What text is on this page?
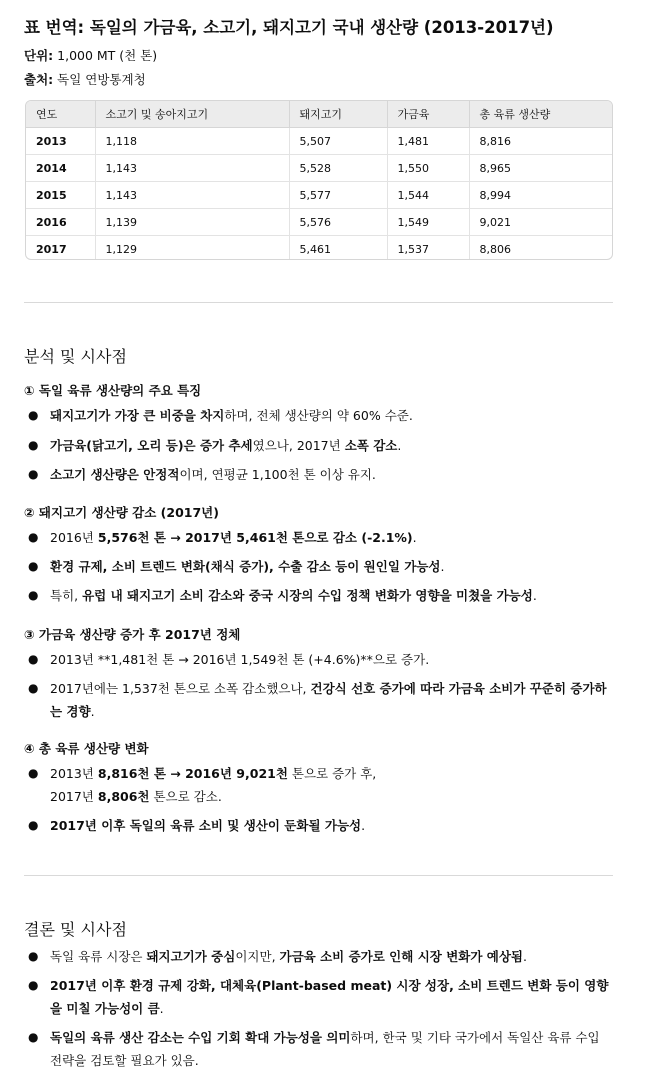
표 번역: 독일의 가금육, 소고기, 돼지고기 국내 생산량 (2013-2017년)
단위: 1,000 MT (천 톤)
출처: 독일 연방통계청
연도	소고기 및 송아지고기	돼지고기	가금육	총 육류 생산량
2013	1,118	5,507	1,481	8,816
2014	1,143	5,528	1,550	8,965
2015	1,143	5,577	1,544	8,994
2016	1,139	5,576	1,549	9,021
2017	1,129	5,461	1,537	8,806
분석 및 시사점
① 독일 육류 생산량의 주요 특징
● 돼지고기가 가장 큰 비중을 차지하며, 전체 생산량의 약 60% 수준.
● 가금육(닭고기, 오리 등)은 증가 추세였으나, 2017년 소폭 감소.
● 소고기 생산량은 안정적이며, 연평균 1,100천 톤 이상 유지.
② 돼지고기 생산량 감소 (2017년)
● 2016년 5,576천 톤 → 2017년 5,461천 톤으로 감소 (-2.1%).
● 환경 규제, 소비 트렌드 변화(채식 증가), 수출 감소 등이 원인일 가능성.
● 특히, 유럽 내 돼지고기 소비 감소와 중국 시장의 수입 정책 변화가 영향을 미쳤을 가능성.
③ 가금육 생산량 증가 후 2017년 정체
● 2013년 **1,481천 톤 → 2016년 1,549천 톤 (+4.6%)**으로 증가.
● 2017년에는 1,537천 톤으로 소폭 감소했으나, 건강식 선호 증가에 따라 가금육 소비가 꾸준히 증가하는 경향.
④ 총 육류 생산량 변화
● 2013년 8,816천 톤 → 2016년 9,021천 톤으로 증가 후,
2017년 8,806천 톤으로 감소.
● 2017년 이후 독일의 육류 소비 및 생산이 둔화될 가능성.
결론 및 시사점
● 독일 육류 시장은 돼지고기가 중심이지만, 가금육 소비 증가로 인해 시장 변화가 예상됨.
● 2017년 이후 환경 규제 강화, 대체육(Plant-based meat) 시장 성장, 소비 트렌드 변화 등이 영향을 미칠 가능성이 큼.
● 독일의 육류 생산 감소는 수입 기회 확대 가능성을 의미하며, 한국 및 기타 국가에서 독일산 육류 수입 전략을 검토할 필요가 있음.
